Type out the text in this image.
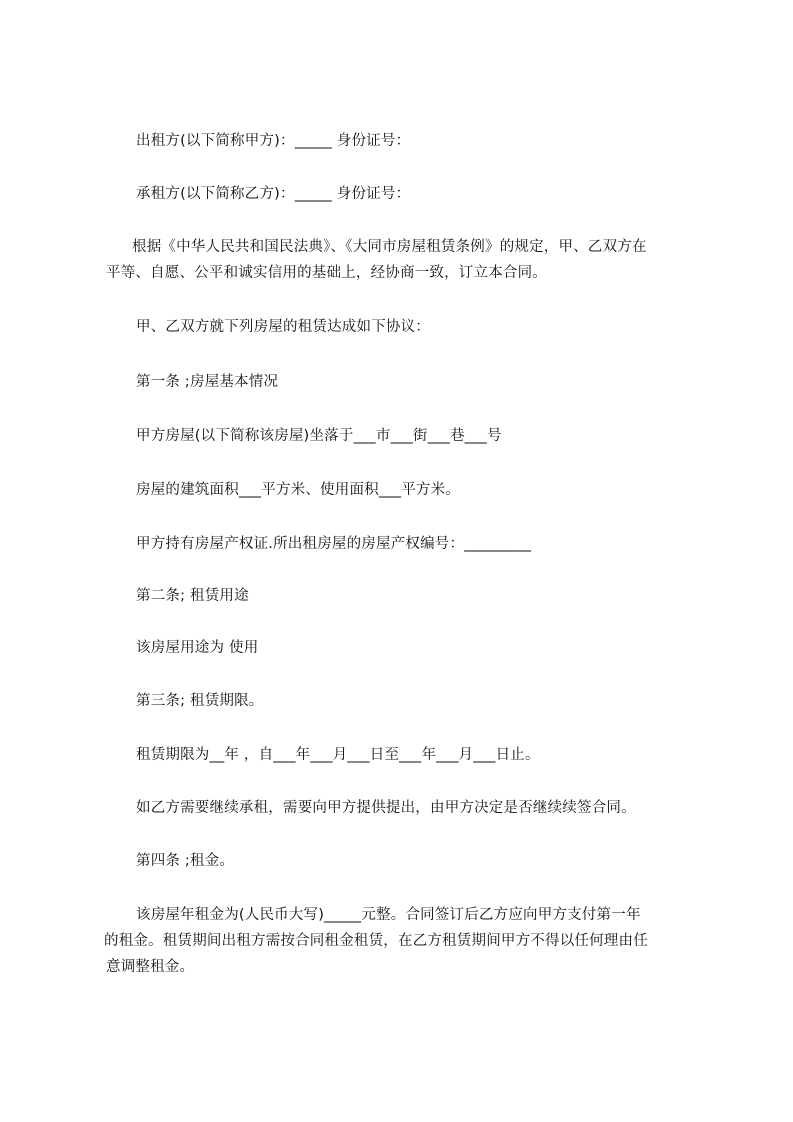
出租方(以下简称甲方)：_____ 身份证号：
承租方(以下简称乙方)：_____ 身份证号：
根据《中华人民共和国民法典》、《大同市房屋租赁条例》的规定，甲、乙双方在
平等、自愿、公平和诚实信用的基础上，经协商一致，订立本合同。
甲、乙双方就下列房屋的租赁达成如下协议：
第一条 ;房屋基本情况
甲方房屋(以下简称该房屋)坐落于___市___街___巷___号
房屋的建筑面积___平方米、使用面积___平方米。
甲方持有房屋产权证.所出租房屋的房屋产权编号：_________
第二条; 租赁用途
该房屋用途为 使用
第三条; 租赁期限。
租赁期限为__年 ，自___年___月___日至___年___月___日止。
如乙方需要继续承租，需要向甲方提供提出，由甲方决定是否继续续签合同。
第四条 ;租金。
该房屋年租金为(人民币大写)_____元整。合同签订后乙方应向甲方支付第一年
的租金。租赁期间出租方需按合同租金租赁，在乙方租赁期间甲方不得以任何理由任
意调整租金。
